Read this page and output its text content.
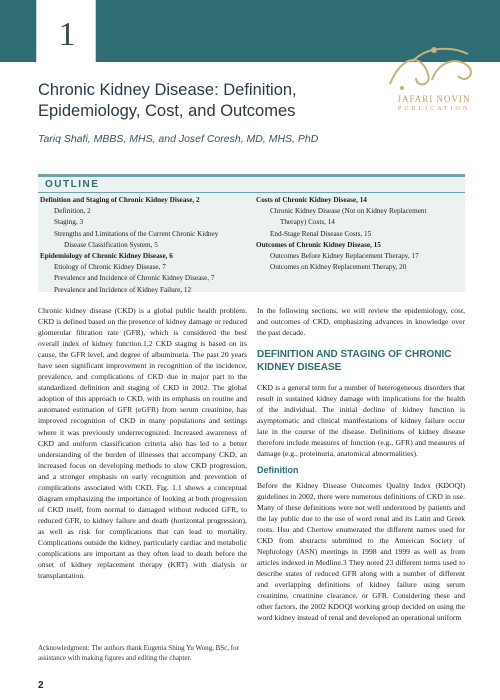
1
JAFARI NOVIN
PUBLICATION
Chronic Kidney Disease: Definition,
Epidemiology, Cost, and Outcomes
Tariq Shafi, MBBS, MHS, and Josef Coresh, MD, MHS, PhD
OUTLINE
Definition and Staging of Chronic Kidney Disease, 2
Definition, 2
Staging, 3
Strengths and Limitations of the Current Chronic Kidney
Disease Classification System, 5
Epidemiology of Chronic Kidney Disease, 6
Etiology of Chronic Kidney Disease, 7
Prevalence and Incidence of Chronic Kidney Disease, 7
Prevalence and Incidence of Kidney Failure, 12
Costs of Chronic Kidney Disease, 14
Chronic Kidney Disease (Not on Kidney Replacement
Therapy) Costs, 14
End-Stage Renal Disease Costs, 15
Outcomes of Chronic Kidney Disease, 15
Outcomes Before Kidney Replacement Therapy, 17
Outcomes on Kidney Replacement Therapy, 20

Chronic kidney disease (CKD) is a global public health problem. CKD is defined based on the presence of kidney damage or reduced glomerular filtration rate (GFR), which is considered the best overall index of kidney function.1,2 CKD staging is based on its cause, the GFR level, and degree of albuminuria. The past 20 years have seen significant improvement in recognition of the incidence, prevalence, and complications of CKD due in major part to the standardized definition and staging of CKD in 2002. The global adoption of this approach to CKD, with its emphasis on routine and automated estimation of GFR (eGFR) from serum creatinine, has improved recognition of CKD in many populations and settings where it was previously underrecognized. Increased awareness of CKD and uniform classification criteria also has led to a better understanding of the burden of illnesses that accompany CKD, an increased focus on developing methods to slow CKD progression, and a stronger emphasis on early recognition and prevention of complications associated with CKD. Fig. 1.1 shows a conceptual diagram emphasizing the importance of looking at both progression of CKD itself, from normal to damaged without reduced GFR, to reduced GFR, to kidney failure and death (horizontal progression), as well as risk for complications that can lead to mortality. Complications outside the kidney, particularly cardiac and metabolic complications are important as they often lead to death before the onset of kidney replacement therapy (KRT) with dialysis or transplantation.

Acknowledgment: The authors thank Eugenia Shing Yu Wong, BSc, for assistance with making figures and editing the chapter.

In the following sections, we will review the epidemiology, cost, and outcomes of CKD, emphasizing advances in knowledge over the past decade.

DEFINITION AND STAGING OF CHRONIC KIDNEY DISEASE

CKD is a general term for a number of heterogeneous disorders that result in sustained kidney damage with implications for the health of the individual. The initial decline of kidney function is asymptomatic and clinical manifestations of kidney failure occur late in the course of the disease. Definitions of kidney disease therefore include measures of function (e.g., GFR) and measures of damage (e.g., proteinuria, anatomical abnormalities).

Definition

Before the Kidney Disease Outcomes Quality Index (KDOQI) guidelines in 2002, there were numerous definitions of CKD in use. Many of these definitions were not well understood by patients and the lay public due to the use of word renal and its Latin and Greek roots. Hsu and Chertow enumerated the different names used for CKD from abstracts submitted to the American Society of Nephrology (ASN) meetings in 1998 and 1999 as well as from articles indexed in Medline.3 They noted 23 different terms used to describe states of reduced GFR along with a number of different and overlapping definitions of kidney failure using serum creatinine, creatinine clearance, or GFR. Considering these and other factors, the 2002 KDOQI working group decided on using the word kidney instead of renal and developed an operational uniform

2
